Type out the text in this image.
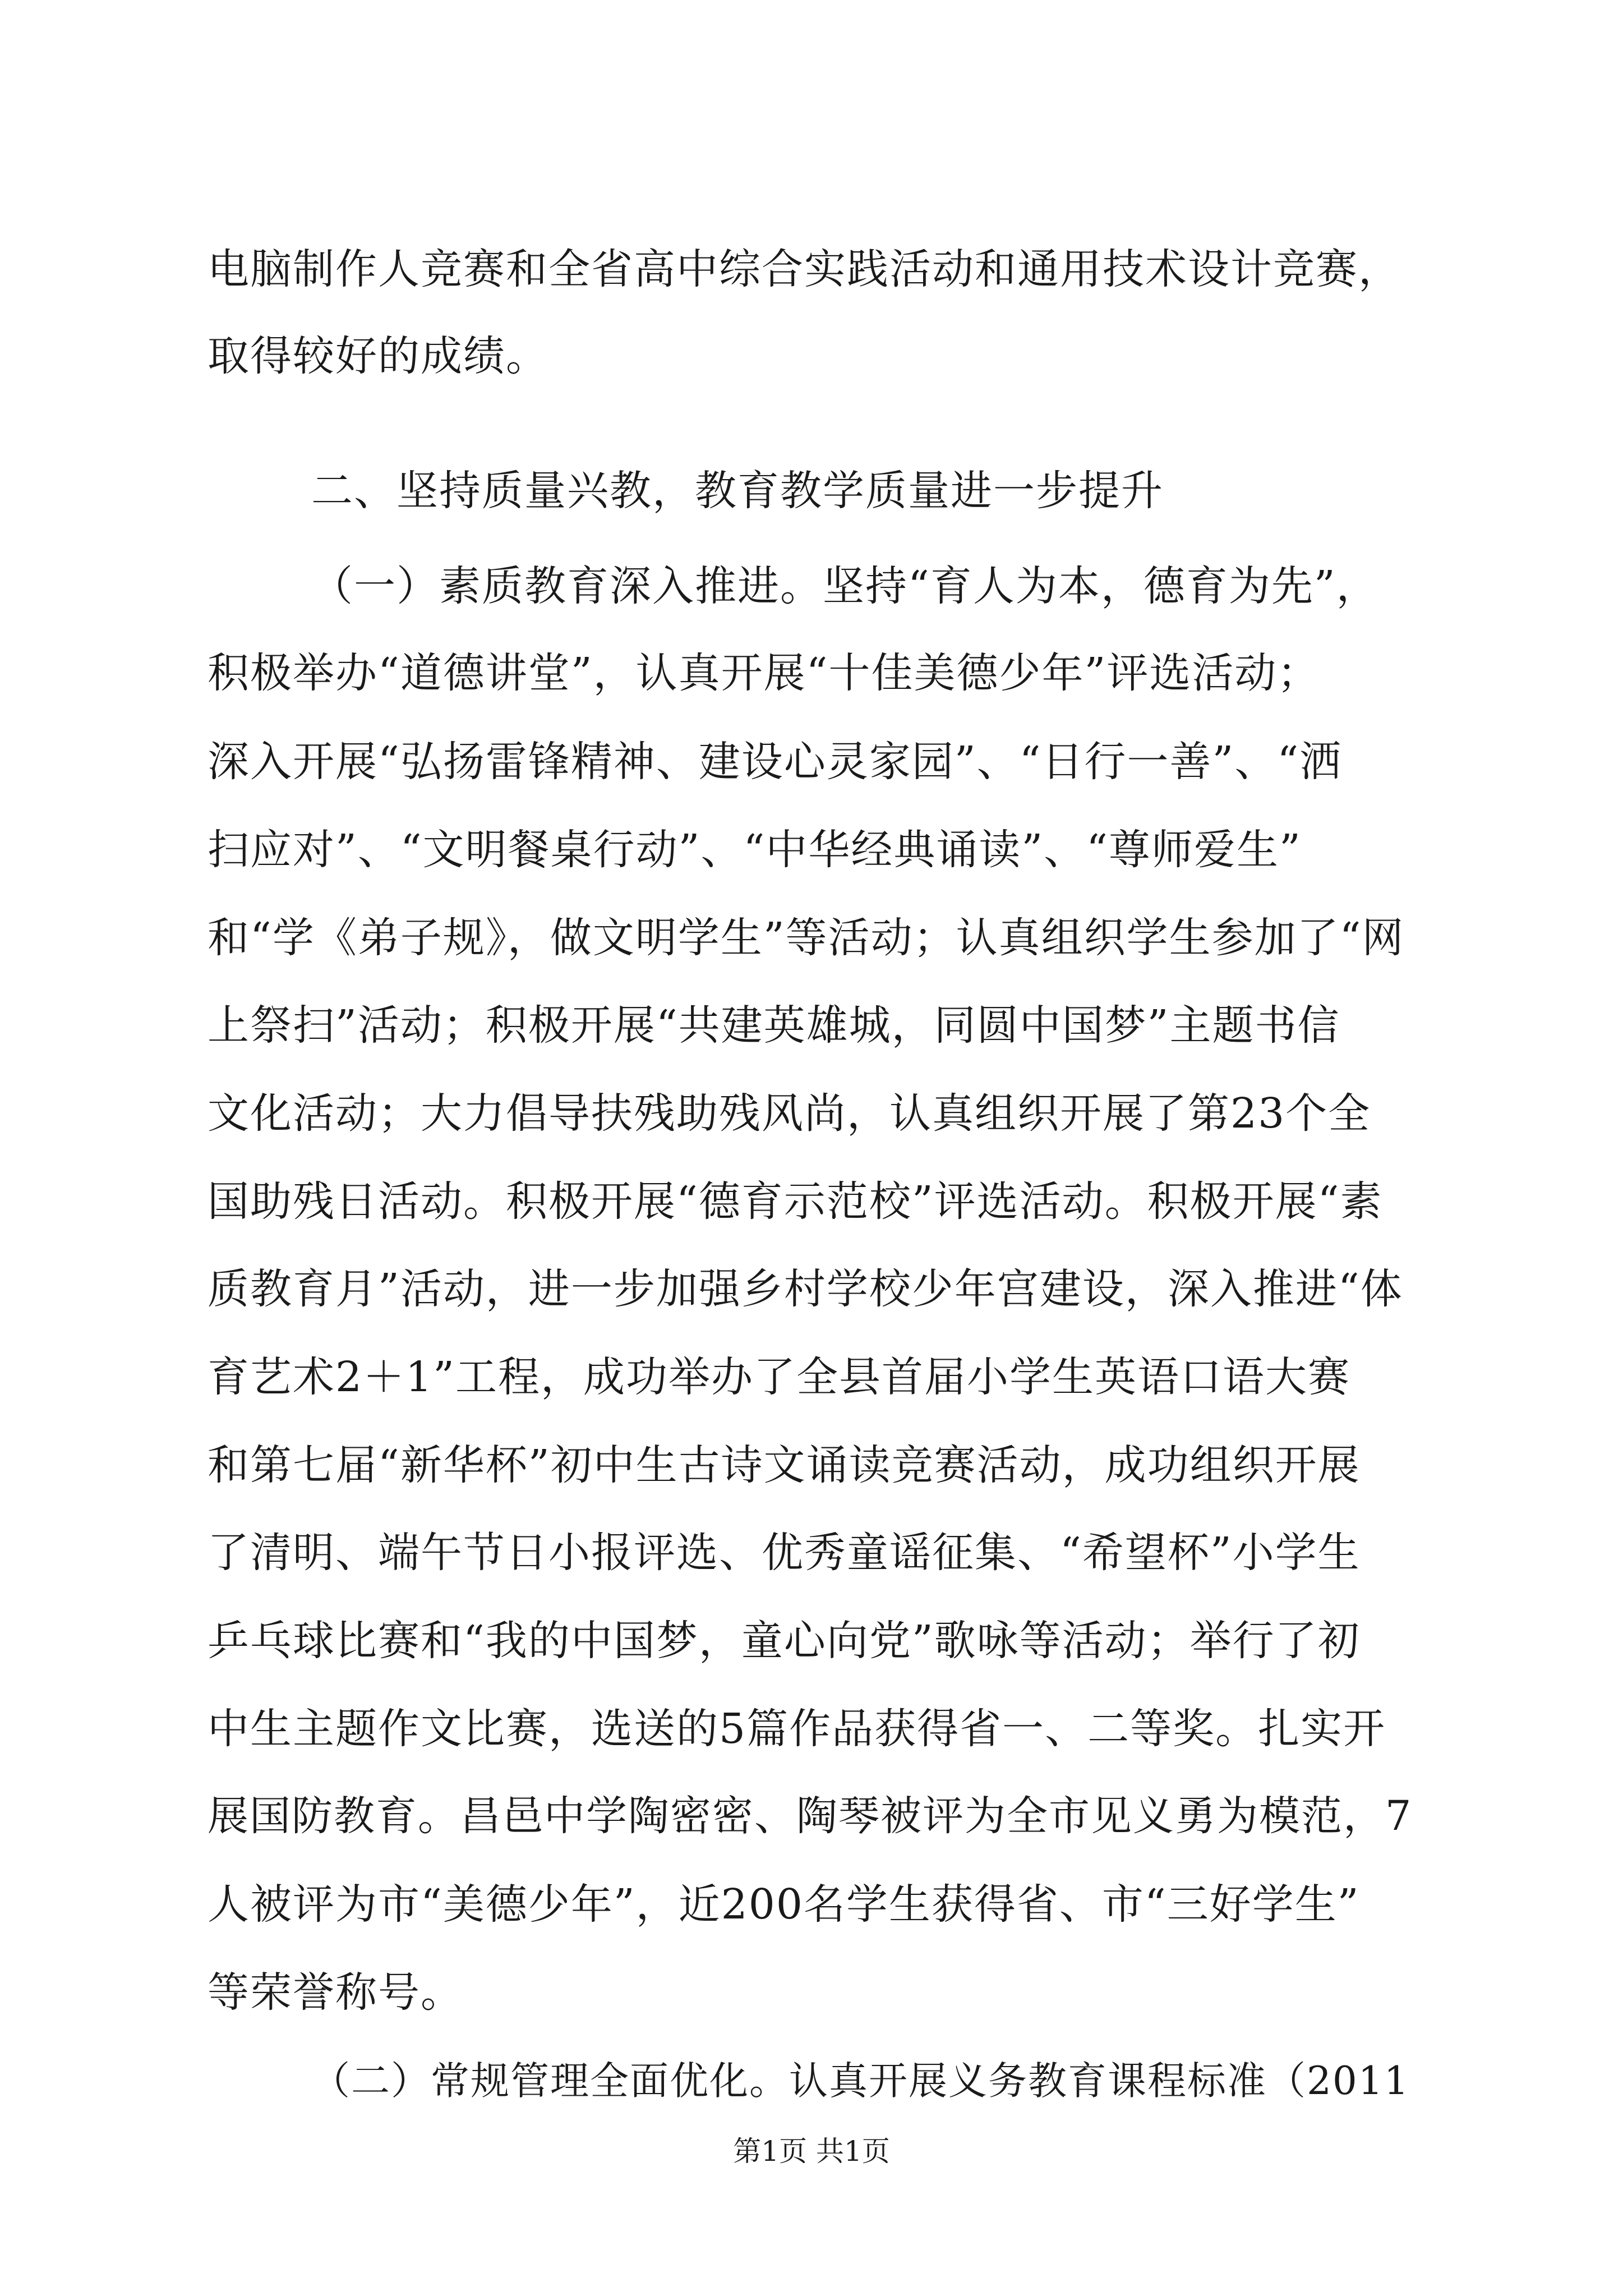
电脑制作人竞赛和全省高中综合实践活动和通用技术设计竞赛，
取得较好的成绩。
二、坚持质量兴教，教育教学质量进一步提升
（一）素质教育深入推进。坚持“育人为本，德育为先”，
积极举办“道德讲堂”，认真开展“十佳美德少年”评选活动；
深入开展“弘扬雷锋精神、建设心灵家园”、“日行一善”、“洒
扫应对”、“文明餐桌行动”、“中华经典诵读”、“尊师爱生”
和“学《弟子规》，做文明学生”等活动；认真组织学生参加了“网
上祭扫”活动；积极开展“共建英雄城，同圆中国梦”主题书信
文化活动；大力倡导扶残助残风尚，认真组织开展了第23个全
国助残日活动。积极开展“德育示范校”评选活动。积极开展“素
质教育月”活动，进一步加强乡村学校少年宫建设，深入推进“体
育艺术2＋1”工程，成功举办了全县首届小学生英语口语大赛
和第七届“新华杯”初中生古诗文诵读竞赛活动，成功组织开展
了清明、端午节日小报评选、优秀童谣征集、“希望杯”小学生
乒乓球比赛和“我的中国梦，童心向党”歌咏等活动；举行了初
中生主题作文比赛，选送的5篇作品获得省一、二等奖。扎实开
展国防教育。昌邑中学陶密密、陶琴被评为全市见义勇为模范，7
人被评为市“美德少年”，近200名学生获得省、市“三好学生”
等荣誉称号。
（二）常规管理全面优化。认真开展义务教育课程标准（2011
第1页 共1页
